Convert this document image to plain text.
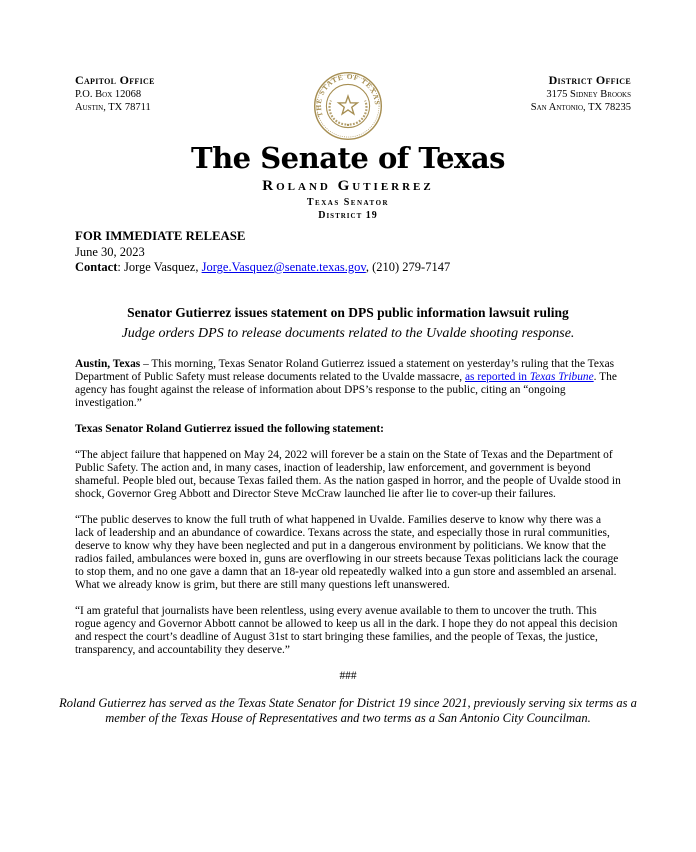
Capitol Office
P.O. Box 12068
Austin, TX 78711
District Office
3175 Sidney Brooks
San Antonio, TX 78235
THE STATE OF TEXAS
The Senate of Texas
Roland Gutierrez
Texas Senator
District 19
FOR IMMEDIATE RELEASE
June 30, 2023
Contact: Jorge Vasquez, Jorge.Vasquez@senate.texas.gov, (210) 279-7147
Senator Gutierrez issues statement on DPS public information lawsuit ruling
Judge orders DPS to release documents related to the Uvalde shooting response.

Austin, Texas – This morning, Texas Senator Roland Gutierrez issued a statement on yesterday’s ruling that the Texas Department of Public Safety must release documents related to the Uvalde massacre, as reported in Texas Tribune. The agency has fought against the release of information about DPS’s response to the public, citing an “ongoing investigation.”

Texas Senator Roland Gutierrez issued the following statement:

“The abject failure that happened on May 24, 2022 will forever be a stain on the State of Texas and the Department of Public Safety. The action and, in many cases, inaction of leadership, law enforcement, and government is beyond shameful. People bled out, because Texas failed them. As the nation gasped in horror, and the people of Uvalde stood in shock, Governor Greg Abbott and Director Steve McCraw launched lie after lie to cover-up their failures.

“The public deserves to know the full truth of what happened in Uvalde. Families deserve to know why there was a lack of leadership and an abundance of cowardice. Texans across the state, and especially those in rural communities, deserve to know why they have been neglected and put in a dangerous environment by politicians. We know that the radios failed, ambulances were boxed in, guns are overflowing in our streets because Texas politicians lack the courage to stop them, and no one gave a damn that an 18-year old repeatedly walked into a gun store and assembled an arsenal. What we already know is grim, but there are still many questions left unanswered.

“I am grateful that journalists have been relentless, using every avenue available to them to uncover the truth. This rogue agency and Governor Abbott cannot be allowed to keep us all in the dark. I hope they do not appeal this decision and respect the court’s deadline of August 31st to start bringing these families, and the people of Texas, the justice, transparency, and accountability they deserve.”

###
Roland Gutierrez has served as the Texas State Senator for District 19 since 2021, previously serving six terms as a member of the Texas House of Representatives and two terms as a San Antonio City Councilman.
